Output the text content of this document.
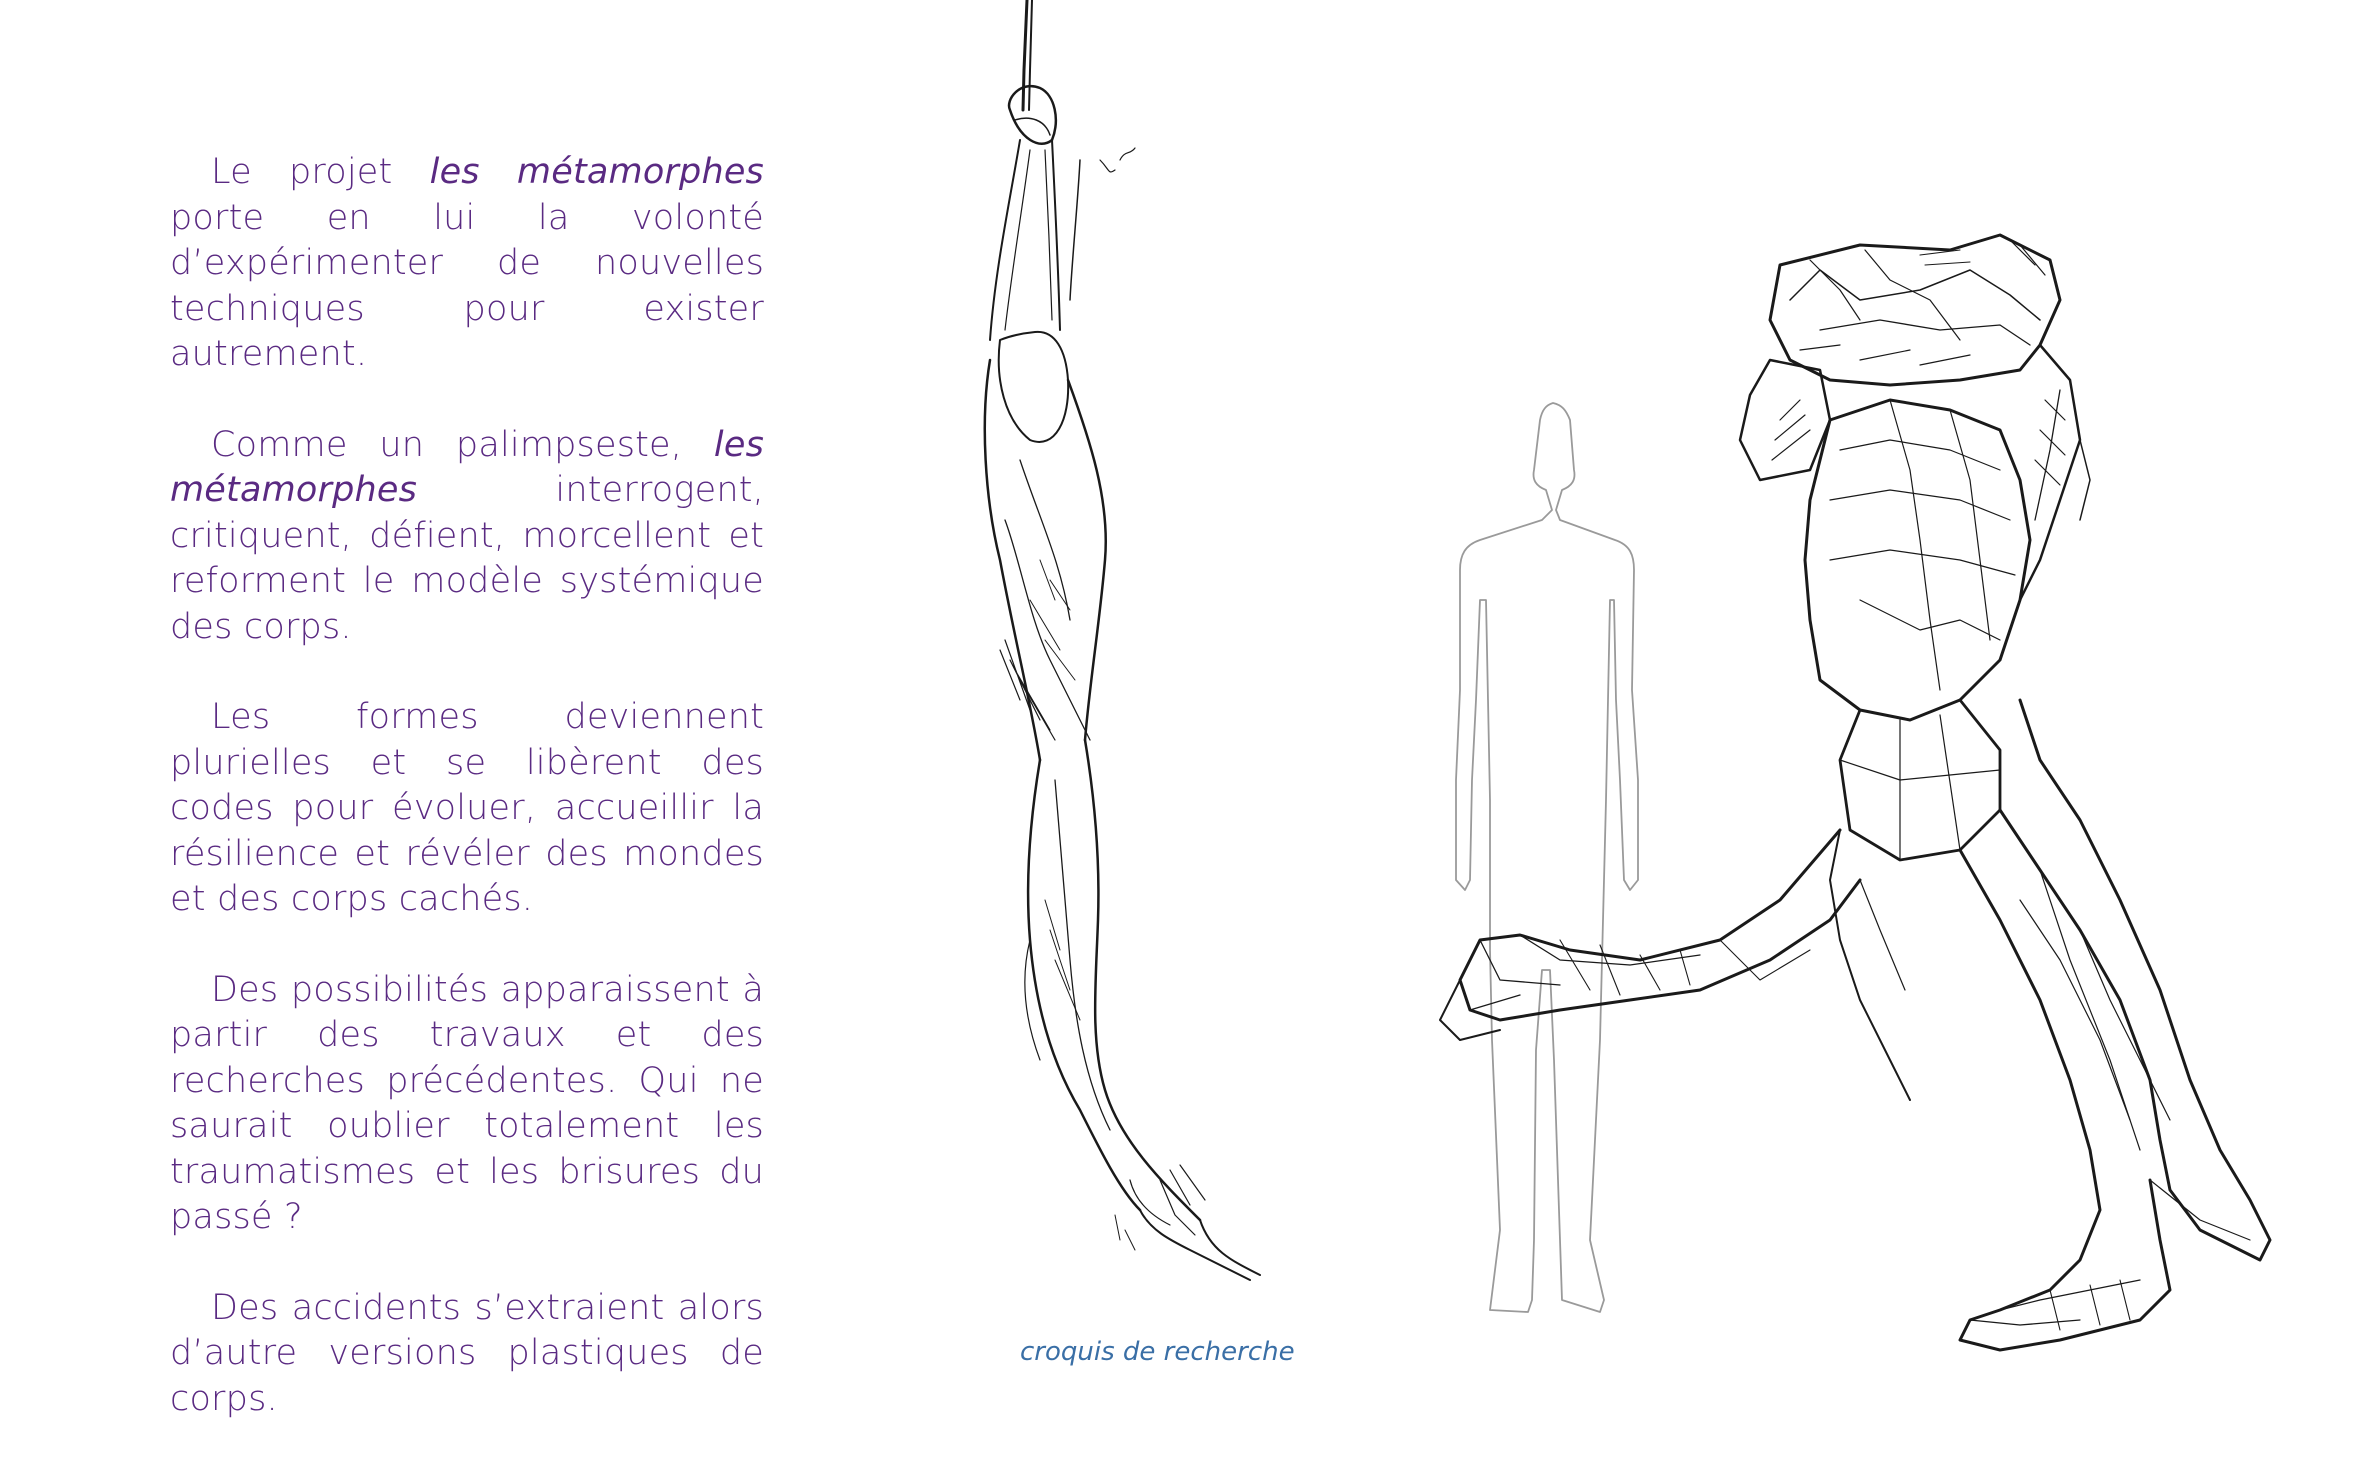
Le projet les métamorphes porte en lui la volonté d’expérimenter de nouvelles techniques pour exister autrement.

Comme un palimpseste, les métamorphes interrogent, critiquent, défient, morcellent et reforment le modèle systémique des corps.

Les formes deviennent plurielles et se libèrent des codes pour évoluer, accueillir la résilience et révéler des mondes et des corps cachés.

Des possibilités apparaissent à partir des travaux et des recherches précédentes. Qui ne saurait oublier totalement les traumatismes et les brisures du passé ?

Des accidents s’extraient alors d’autre versions plastiques de corps.

croquis de recherche
